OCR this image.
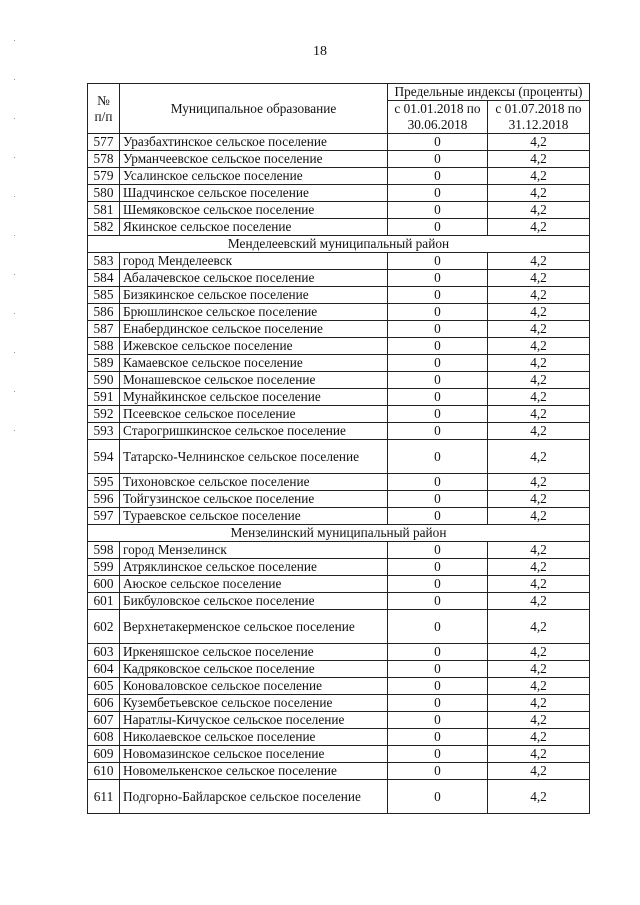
18
№ п/п	Муниципальное образование	Предельные индексы (проценты)	
		с 01.01.2018 по 30.06.2018	с 01.07.2018 по 31.12.2018
577	Уразбахтинское сельское поселение	0	4,2
578	Урманчеевское сельское поселение	0	4,2
579	Усалинское сельское поселение	0	4,2
580	Шадчинское сельское поселение	0	4,2
581	Шемяковское сельское поселение	0	4,2
582	Якинское сельское поселение	0	4,2
Менделеевский муниципальный район			
583	город Менделеевск	0	4,2
584	Абалачевское сельское поселение	0	4,2
585	Бизякинское сельское поселение	0	4,2
586	Брюшлинское сельское поселение	0	4,2
587	Енабердинское сельское поселение	0	4,2
588	Ижевское сельское поселение	0	4,2
589	Камаевское сельское поселение	0	4,2
590	Монашевское сельское поселение	0	4,2
591	Мунайкинское сельское поселение	0	4,2
592	Псеевское сельское поселение	0	4,2
593	Старогришкинское сельское поселение	0	4,2
594	Татарско-Челнинское сельское поселение	0	4,2
595	Тихоновское сельское поселение	0	4,2
596	Тойгузинское сельское поселение	0	4,2
597	Тураевское сельское поселение	0	4,2
Мензелинский муниципальный район			
598	город Мензелинск	0	4,2
599	Атряклинское сельское поселение	0	4,2
600	Аюское сельское поселение	0	4,2
601	Бикбуловское сельское поселение	0	4,2
602	Верхнетакерменское сельское поселение	0	4,2
603	Иркеняшское сельское поселение	0	4,2
604	Кадряковское сельское поселение	0	4,2
605	Коноваловское сельское поселение	0	4,2
606	Кузембетьевское сельское поселение	0	4,2
607	Наратлы-Кичуское сельское поселение	0	4,2
608	Николаевское сельское поселение	0	4,2
609	Новомазинское сельское поселение	0	4,2
610	Новомелькенское сельское поселение	0	4,2
611	Подгорно-Байларское сельское поселение	0	4,2
